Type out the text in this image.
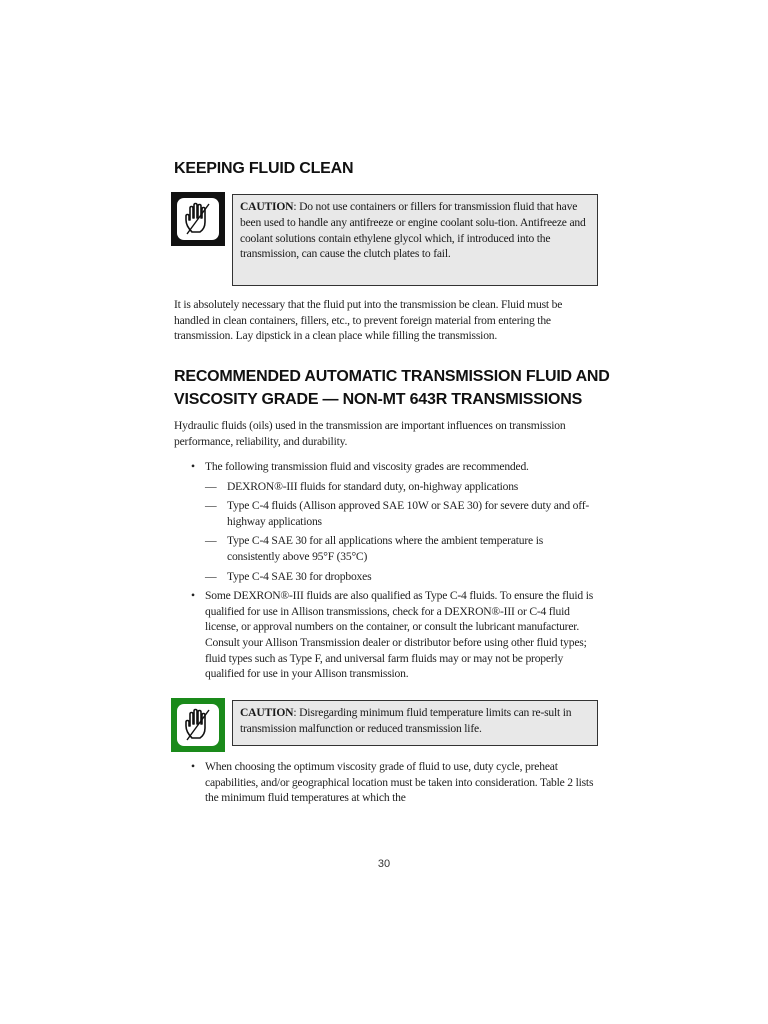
KEEPING FLUID CLEAN
CAUTION: Do not use containers or fillers for transmission fluid that have been used to handle any antifreeze or engine coolant solu-tion. Antifreeze and coolant solutions contain ethylene glycol which, if introduced into the transmission, can cause the clutch plates to fail.

It is absolutely necessary that the fluid put into the transmission be clean. Fluid must be handled in clean containers, fillers, etc., to prevent foreign material from entering the transmission. Lay dipstick in a clean place while filling the transmission.

RECOMMENDED AUTOMATIC TRANSMISSION FLUID AND
VISCOSITY GRADE — NON-MT 643R TRANSMISSIONS

Hydraulic fluids (oils) used in the transmission are important influences on transmission performance, reliability, and durability.

• The following transmission fluid and viscosity grades are recommended.
— DEXRON®-III fluids for standard duty, on-highway applications
— Type C-4 fluids (Allison approved SAE 10W or SAE 30) for severe duty and off-highway applications
— Type C-4 SAE 30 for all applications where the ambient temperature is consistently above 95°F (35°C)
— Type C-4 SAE 30 for dropboxes
• Some DEXRON®-III fluids are also qualified as Type C-4 fluids. To ensure the fluid is qualified for use in Allison transmissions, check for a DEXRON®-III or C-4 fluid license, or approval numbers on the container, or consult the lubricant manufacturer. Consult your Allison Transmission dealer or distributor before using other fluid types; fluid types such as Type F, and universal farm fluids may or may not be properly qualified for use in your Allison transmission.
CAUTION: Disregarding minimum fluid temperature limits can re-sult in transmission malfunction or reduced transmission life.
• When choosing the optimum viscosity grade of fluid to use, duty cycle, preheat capabilities, and/or geographical location must be taken into consideration. Table 2 lists the minimum fluid temperatures at which the
30
